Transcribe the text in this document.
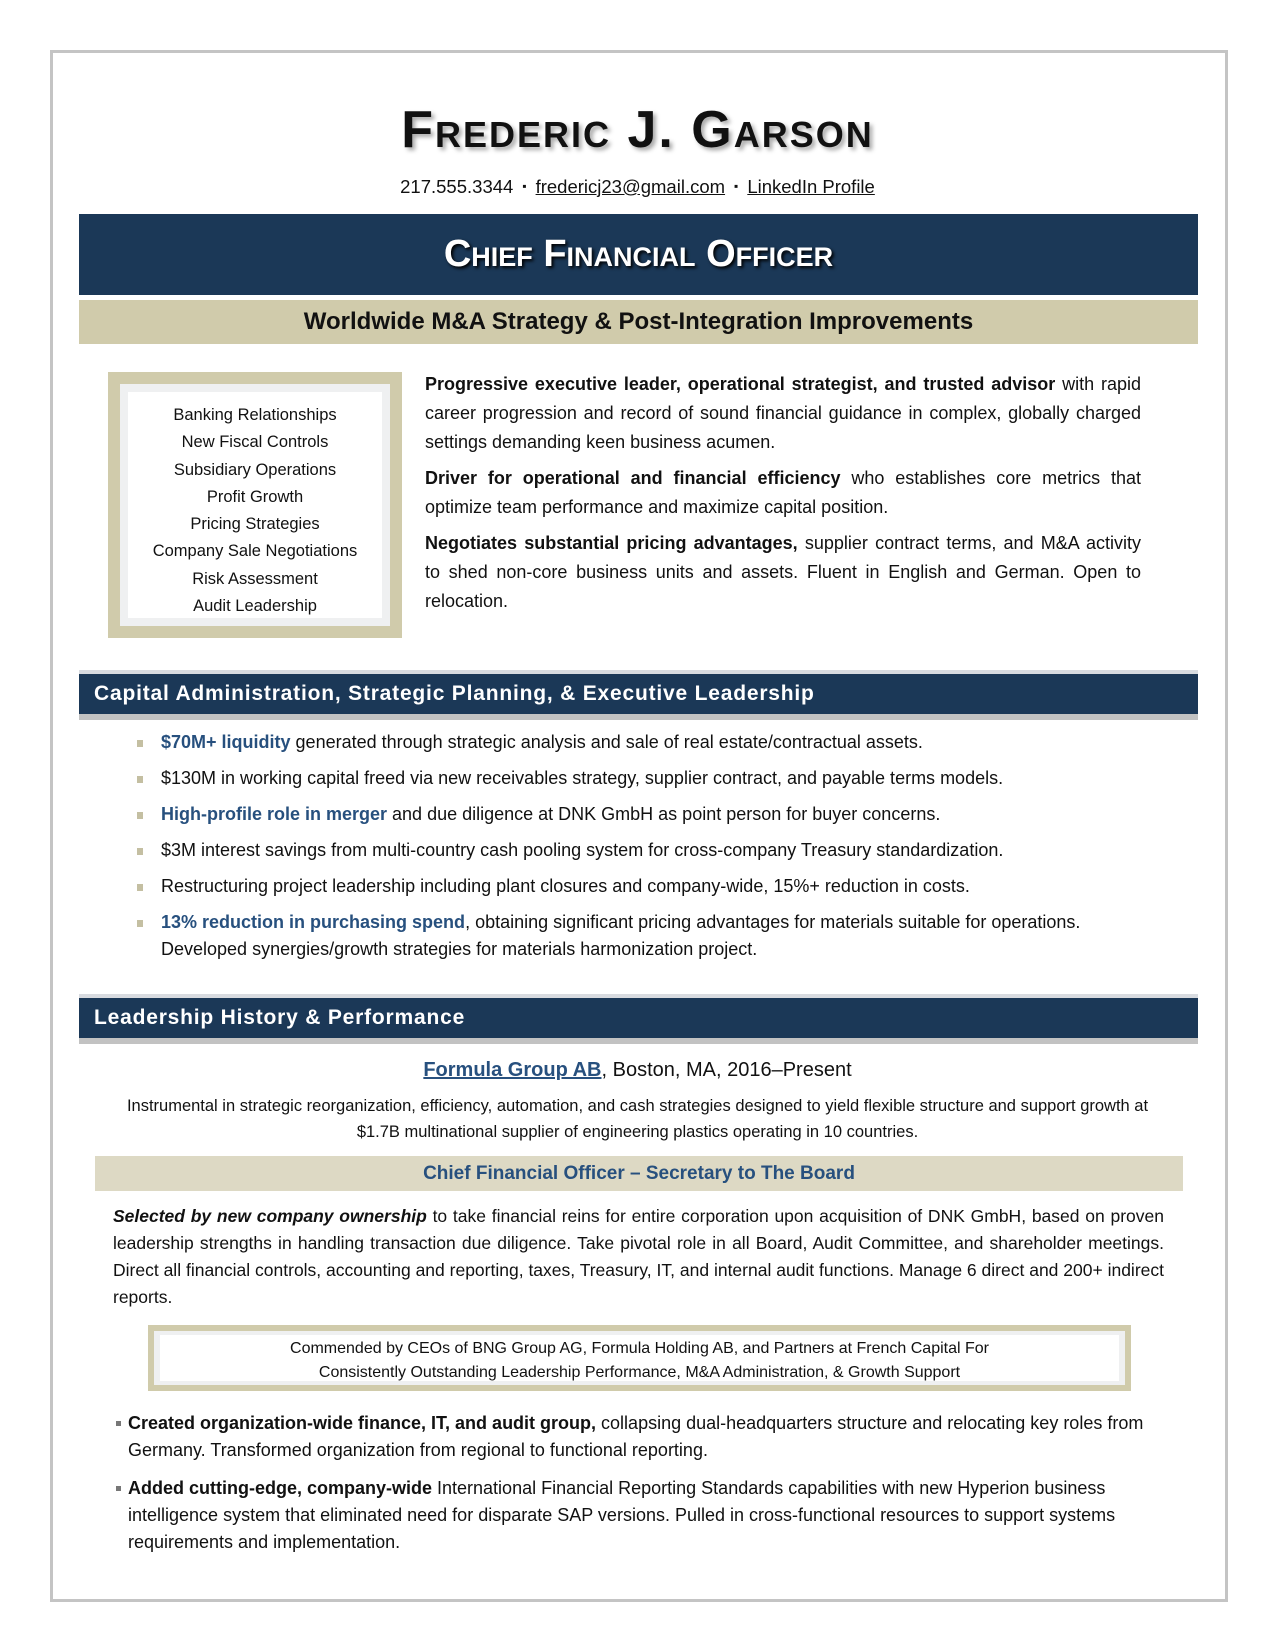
Frederic J. Garson
217.555.3344 ▪ fredericj23@gmail.com ▪ LinkedIn Profile
Chief Financial Officer
Worldwide M&A Strategy & Post-Integration Improvements
Banking Relationships
New Fiscal Controls
Subsidiary Operations
Profit Growth
Pricing Strategies
Company Sale Negotiations
Risk Assessment
Audit Leadership

Progressive executive leader, operational strategist, and trusted advisor with rapid career progression and record of sound financial guidance in complex, globally charged settings demanding keen business acumen.

Driver for operational and financial efficiency who establishes core metrics that optimize team performance and maximize capital position.

Negotiates substantial pricing advantages, supplier contract terms, and M&A activity to shed non-core business units and assets. Fluent in English and German. Open to relocation.

Capital Administration, Strategic Planning, & Executive Leadership
$70M+ liquidity generated through strategic analysis and sale of real estate/contractual assets.
$130M in working capital freed via new receivables strategy, supplier contract, and payable terms models.
High-profile role in merger and due diligence at DNK GmbH as point person for buyer concerns.
$3M interest savings from multi-country cash pooling system for cross-company Treasury standardization.
Restructuring project leadership including plant closures and company-wide, 15%+ reduction in costs.
13% reduction in purchasing spend, obtaining significant pricing advantages for materials suitable for operations. Developed synergies/growth strategies for materials harmonization project.
Leadership History & Performance
Formula Group AB, Boston, MA, 2016–Present
Instrumental in strategic reorganization, efficiency, automation, and cash strategies designed to yield flexible structure and support growth at $1.7B multinational supplier of engineering plastics operating in 10 countries.
Chief Financial Officer – Secretary to The Board
Selected by new company ownership to take financial reins for entire corporation upon acquisition of DNK GmbH, based on proven leadership strengths in handling transaction due diligence. Take pivotal role in all Board, Audit Committee, and shareholder meetings. Direct all financial controls, accounting and reporting, taxes, Treasury, IT, and internal audit functions. Manage 6 direct and 200+ indirect reports.
Commended by CEOs of BNG Group AG, Formula Holding AB, and Partners at French Capital For
Consistently Outstanding Leadership Performance, M&A Administration, & Growth Support
Created organization-wide finance, IT, and audit group, collapsing dual-headquarters structure and relocating key roles from Germany. Transformed organization from regional to functional reporting.
Added cutting-edge, company-wide International Financial Reporting Standards capabilities with new Hyperion business intelligence system that eliminated need for disparate SAP versions. Pulled in cross-functional resources to support systems requirements and implementation.
